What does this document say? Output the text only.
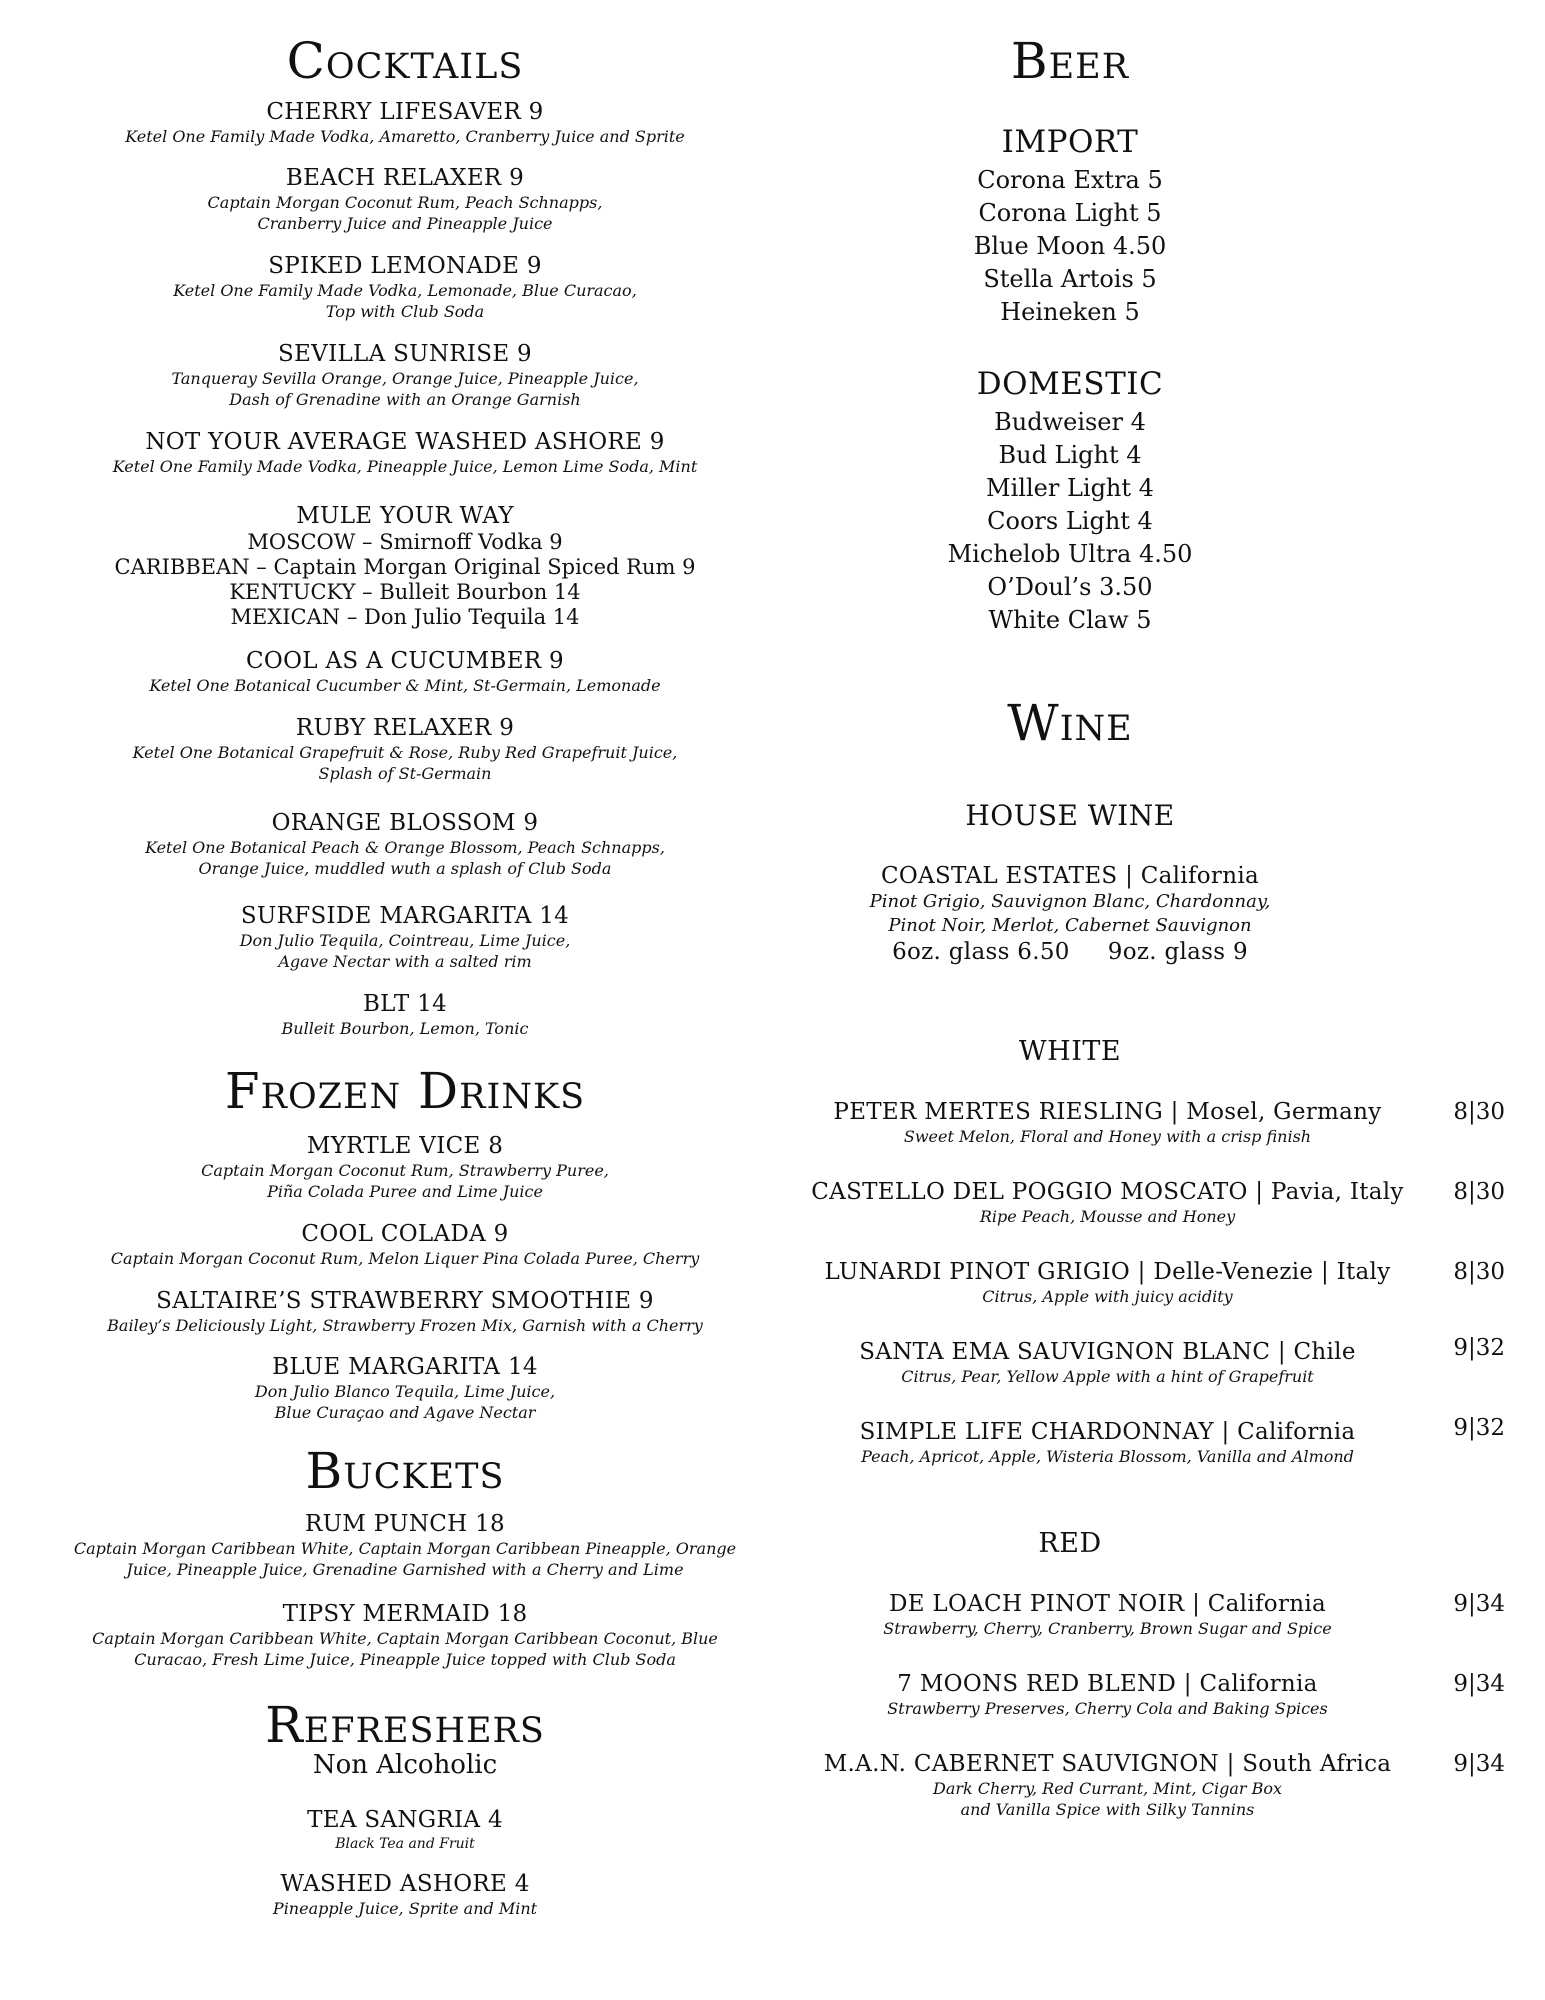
Cocktails
CHERRY LIFESAVER 9
Ketel One Family Made Vodka, Amaretto, Cranberry Juice and Sprite
BEACH RELAXER 9
Captain Morgan Coconut Rum, Peach Schnapps,
Cranberry Juice and Pineapple Juice
SPIKED LEMONADE 9
Ketel One Family Made Vodka, Lemonade, Blue Curacao,
Top with Club Soda
SEVILLA SUNRISE 9
Tanqueray Sevilla Orange, Orange Juice, Pineapple Juice,
Dash of Grenadine with an Orange Garnish
NOT YOUR AVERAGE WASHED ASHORE 9
Ketel One Family Made Vodka, Pineapple Juice, Lemon Lime Soda, Mint
MULE YOUR WAY
MOSCOW – Smirnoff Vodka 9
CARIBBEAN – Captain Morgan Original Spiced Rum 9
KENTUCKY – Bulleit Bourbon 14
MEXICAN – Don Julio Tequila 14
COOL AS A CUCUMBER 9
Ketel One Botanical Cucumber & Mint, St-Germain, Lemonade
RUBY RELAXER 9
Ketel One Botanical Grapefruit & Rose, Ruby Red Grapefruit Juice,
Splash of St-Germain
ORANGE BLOSSOM 9
Ketel One Botanical Peach & Orange Blossom, Peach Schnapps,
Orange Juice, muddled wuth a splash of Club Soda
SURFSIDE MARGARITA 14
Don Julio Tequila, Cointreau, Lime Juice,
Agave Nectar with a salted rim
BLT 14
Bulleit Bourbon, Lemon, Tonic
Frozen Drinks
MYRTLE VICE 8
Captain Morgan Coconut Rum, Strawberry Puree,
Piña Colada Puree and Lime Juice
COOL COLADA 9
Captain Morgan Coconut Rum, Melon Liquer Pina Colada Puree, Cherry
SALTAIRE’S STRAWBERRY SMOOTHIE 9
Bailey’s Deliciously Light, Strawberry Frozen Mix, Garnish with a Cherry
BLUE MARGARITA 14
Don Julio Blanco Tequila, Lime Juice,
Blue Curaçao and Agave Nectar
Buckets
RUM PUNCH 18
Captain Morgan Caribbean White, Captain Morgan Caribbean Pineapple, Orange
Juice, Pineapple Juice, Grenadine Garnished with a Cherry and Lime
TIPSY MERMAID 18
Captain Morgan Caribbean White, Captain Morgan Caribbean Coconut, Blue
Curacao, Fresh Lime Juice, Pineapple Juice topped with Club Soda
Refreshers
Non Alcoholic
TEA SANGRIA 4
Black Tea and Fruit
WASHED ASHORE 4
Pineapple Juice, Sprite and Mint
Beer
IMPORT
Corona Extra 5
Corona Light 5
Blue Moon 4.50
Stella Artois 5
Heineken 5
DOMESTIC
Budweiser 4
Bud Light 4
Miller Light 4
Coors Light 4
Michelob Ultra 4.50
O’Doul’s 3.50
White Claw 5
Wine
HOUSE WINE
COASTAL ESTATES | California
Pinot Grigio, Sauvignon Blanc, Chardonnay,
Pinot Noir, Merlot, Cabernet Sauvignon
6oz. glass 6.50     9oz. glass 9
WHITE
PETER MERTES RIESLING | Mosel, Germany
Sweet Melon, Floral and Honey with a crisp finish
8|30
CASTELLO DEL POGGIO MOSCATO | Pavia, Italy
Ripe Peach, Mousse and Honey
8|30
LUNARDI PINOT GRIGIO | Delle-Venezie | Italy
Citrus, Apple with juicy acidity
8|30
SANTA EMA SAUVIGNON BLANC | Chile
Citrus, Pear, Yellow Apple with a hint of Grapefruit
9|32
SIMPLE LIFE CHARDONNAY | California
Peach, Apricot, Apple, Wisteria Blossom, Vanilla and Almond
9|32
RED
DE LOACH PINOT NOIR | California
Strawberry, Cherry, Cranberry, Brown Sugar and Spice
9|34
7 MOONS RED BLEND | California
Strawberry Preserves, Cherry Cola and Baking Spices
9|34
M.A.N. CABERNET SAUVIGNON | South Africa
Dark Cherry, Red Currant, Mint, Cigar Box
and Vanilla Spice with Silky Tannins
9|34
